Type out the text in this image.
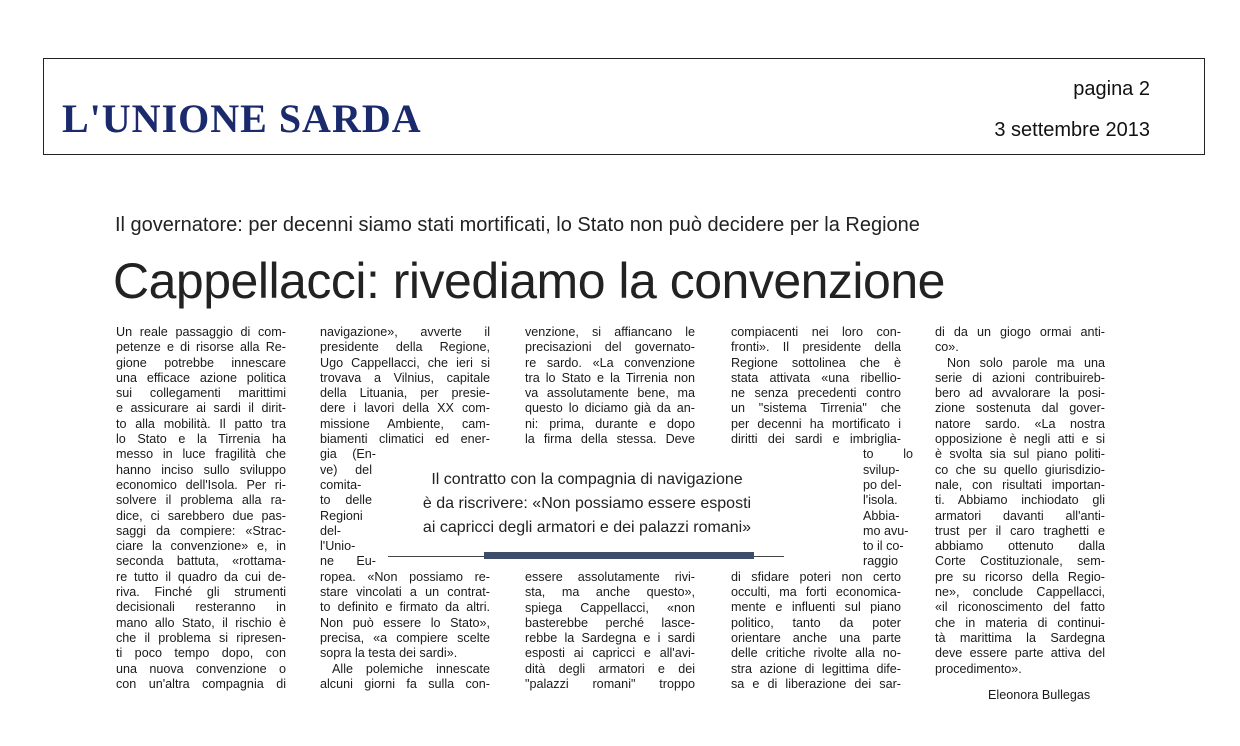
L'UNIONE SARDA
pagina 2
3 settembre 2013
Il governatore: per decenni siamo stati mortificati, lo Stato non può decidere per la Regione
Cappellacci: rivediamo la convenzione
Un reale passaggio di com-
petenze e di risorse alla Re-
gione potrebbe innescare
una efficace azione politica
sui collegamenti marittimi
e assicurare ai sardi il dirit-
to alla mobilità. Il patto tra
lo Stato e la Tirrenia ha
messo in luce fragilità che
hanno inciso sullo sviluppo
economico dell'Isola. Per ri-
solvere il problema alla ra-
dice, ci sarebbero due pas-
saggi da compiere: «Strac-
ciare la convenzione» e, in
seconda battuta, «rottama-
re tutto il quadro da cui de-
riva. Finché gli strumenti
decisionali resteranno in
mano allo Stato, il rischio è
che il problema si ripresen-
ti poco tempo dopo, con
una nuova convenzione o
con un'altra compagnia di
navigazione», avverte il
presidente della Regione,
Ugo Cappellacci, che ieri si
trovava a Vilnius, capitale
della Lituania, per presie-
dere i lavori della XX com-
missione Ambiente, cam-
biamenti climatici ed ener-
gia (En-
ve) del
comita-
to delle
Regioni
del-
l'Unio-
ne Eu-
ropea. «Non possiamo re-
stare vincolati a un contrat-
to definito e firmato da altri.
Non può essere lo Stato»,
precisa, «a compiere scelte
sopra la testa dei sardi».
Alle polemiche innescate
alcuni giorni fa sulla con-
venzione, si affiancano le
precisazioni del governato-
re sardo. «La convenzione
tra lo Stato e la Tirrenia non
va assolutamente bene, ma
questo lo diciamo già da an-
ni: prima, durante e dopo
la firma della stessa. Deve
essere assolutamente rivi-
sta, ma anche questo»,
spiega Cappellacci, «non
basterebbe perché lasce-
rebbe la Sardegna e i sardi
esposti ai capricci e all'avi-
dità degli armatori e dei
"palazzi romani" troppo
compiacenti nei loro con-
fronti». Il presidente della
Regione sottolinea che è
stata attivata «una ribellio-
ne senza precedenti contro
un "sistema Tirrenia" che
per decenni ha mortificato i
diritti dei sardi e imbriglia-
to lo
svilup-
po del-
l'isola.
Abbia-
mo avu-
to il co-
raggio
di sfidare poteri non certo
occulti, ma forti economica-
mente e influenti sul piano
politico, tanto da poter
orientare anche una parte
delle critiche rivolte alla no-
stra azione di legittima dife-
sa e di liberazione dei sar-
di da un giogo ormai anti-
co».
Non solo parole ma una
serie di azioni contribuireb-
bero ad avvalorare la posi-
zione sostenuta dal gover-
natore sardo. «La nostra
opposizione è negli atti e si
è svolta sia sul piano politi-
co che su quello giurisdizio-
nale, con risultati importan-
ti. Abbiamo inchiodato gli
armatori davanti all'anti-
trust per il caro traghetti e
abbiamo ottenuto dalla
Corte Costituzionale, sem-
pre su ricorso della Regio-
ne», conclude Cappellacci,
«il riconoscimento del fatto
che in materia di continui-
tà marittima la Sardegna
deve essere parte attiva del
procedimento».
Eleonora Bullegas
Il contratto con la compagnia di navigazione
è da riscrivere: «Non possiamo essere esposti
ai capricci degli armatori e dei palazzi romani»
